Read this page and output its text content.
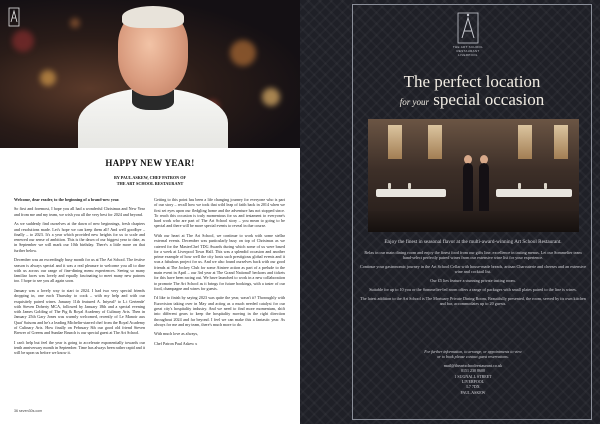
HAPPY NEW YEAR!
BY PAUL ASKEW, CHEF PATRON OF
THE ART SCHOOL RESTAURANT

Welcome, dear reader, to the beginning of a brand-new year.

So first and foremost, I hope you all had a wonderful Christmas and New Year and from me and my team, we wish you all the very best for 2024 and beyond.

As we suddenly find ourselves at the dawn of new beginnings, fresh chapters and resolutions made. Let's hope we can keep them all! And well goodbye – finally – to 2023. It's a year which provided new heights for us to scale and renewed our sense of ambition. This is the dawn of our biggest year to date, as in September we will mark our 10th birthday. There's a little more on that further below.

December was an exceedingly busy month for us at The Art School. The festive season is always special and it was a real pleasure to welcome you all to dine with us across our range of fine-dining menu experiences. Seeing so many familiar faces was lovely and equally fascinating to meet many new patrons too. I hope to see you all again soon.

January was a lovely way to start to 2024. I had two very special friends dropping in, one each Thursday to cook – with my help and with our exquisitely paired wines. January 11th featured A. Intyeal? to L.t Gertende' with Steven Doherty MCA, followed by January 18th and a special evening with James Golding of The Pig & Royal Academy of Culinary Arts. Then in January 25th Gary Jones was warmly welcomed, recently of Le Manoir aux Quat' Saisons and he's a leading Michelin-starred chef from the Royal Academy of Culinary Arts. How finally on February 8th our good old friend Steven Brewer of Greens and Sundae Brunch is our special guest at The Art School.

I can't help but feel the year is going to accelerate exponentially towards our tenth anniversary month in September. Time has always been rather rapid and it will be upon us before we know it.

Getting to this point has been a life changing journey for everyone who is part of our story – recall how we took that wild leap of faith back in 2014 when we first set eyes upon our fledgling home and the adventure has not stopped since. To reach this occasion is truly momentous for us and testament to everyone's hard work who are part of The Art School story – you mean to going to be special and there will be more special events to reveal in due course.

With our heart at The Art School, we continue to work with some stellar external events. December was particularly busy on top of Christmas as we catered for the MasterChef TDG Awards during which some of us were based for a week at Liverpool Town Hall. This was a splendid occasion and another prime example of how well the city hosts such prestigious global events and it was a fabulous project for us. And we also found ourselves back with our good friends at The Jockey Club for some Aintree action as part of a prelude to the main event in April – our 3rd year at The Grand National! beckons and tickets for this have been racing out. We have launched to work in a new collaboration to promote The Art School as it brings for future bookings, with a taster of our food, champagne and wines for guests.

I'd like to finish by saying 2023 was quite the year, wasn't it? Thoroughly with Eurovision taking over in May and acting as a much needed catalyst for our great city's hospitality industry. And we need to find more momentum, shift into different gears to keep the hospitality moving in the right direction throughout 2024 and far beyond. I feel we can make this a fantastic year. As always for me and my team, there's much more to do.

With much love as always,

Chef Patron Paul Askew x

36 seven30s.com
THE ART SCHOOL
RESTAURANT
LIVERPOOL
The perfect location
for your special occasion
Enjoy the finest in seasonal flavor at the multi-award-winning Art School Restaurant.

Relax in our main dining room and enjoy the finest food from our gifts line, excellence in tasting menus. Let our Sommelier team hand-select perfectly paired wines from our extensive wine list for your experience.

Continue your gastronomic journey in the Art School Cellar with house-made breads, artisan Charcuterie and cheeses and an extensive wine and cocktail list.

Our £5 lies feature a stunning private tasting room.

Suitable for up to 10 you or the Sommelier-led room offers a range of packages with small plates paired to the line is wines.

The latest addition to the Art School is The Mortuary Private Dining Room, Beautifully presented, the room, served by its own kitchen and bar, accommodates up to 20 guests.

For further information, to arrange, or appointments to view
or to book please contact guest reservations.
mail@theartschoolrestaurant.co.uk
0151 230 8600
1 SUGNALL STREET
LIVERPOOL
L7 7DX
PAUL ASKEW
